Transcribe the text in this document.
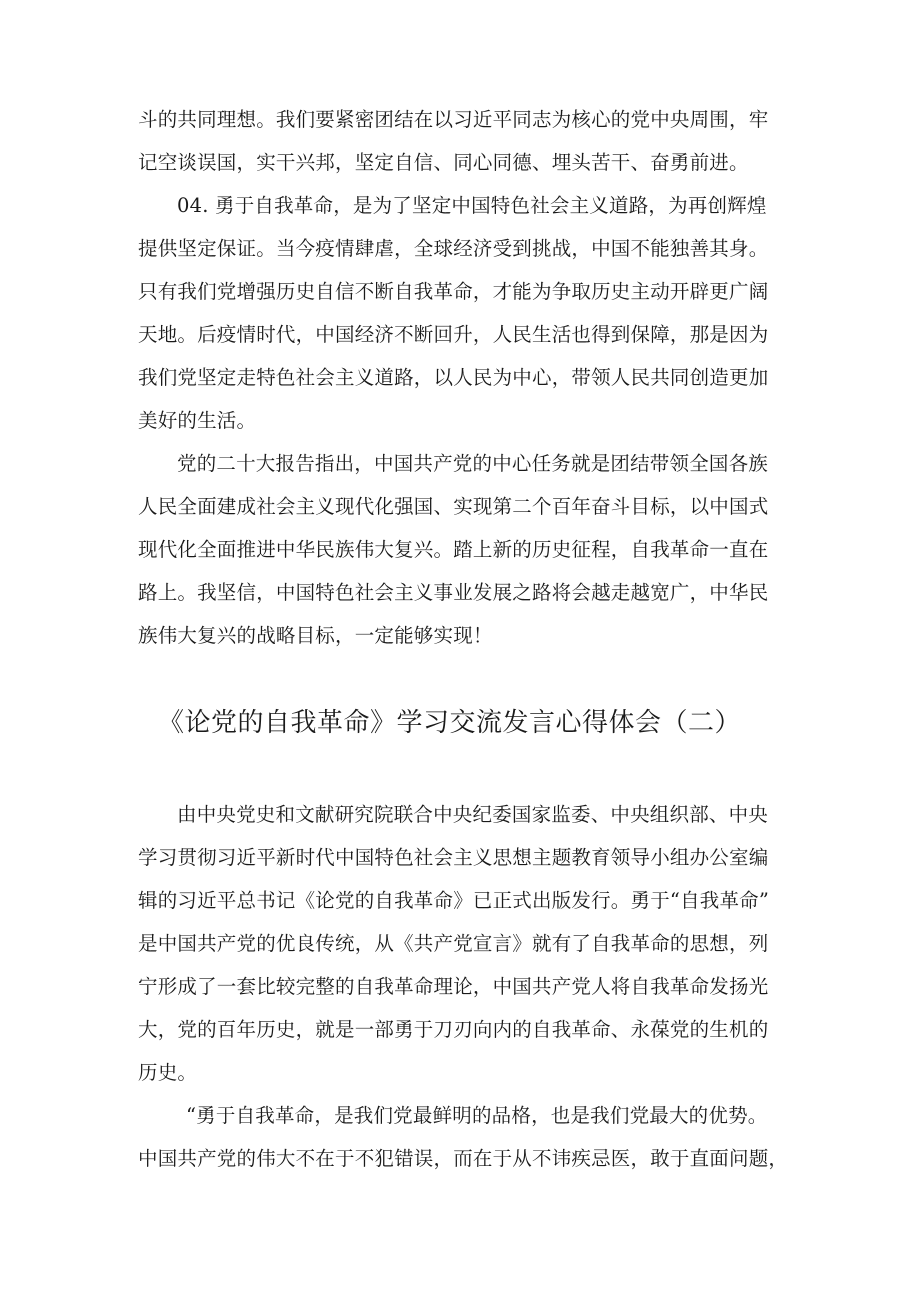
斗的共同理想。我们要紧密团结在以习近平同志为核心的党中央周围，牢
记空谈误国，实干兴邦，坚定自信、同心同德、埋头苦干、奋勇前进。
04. 勇于自我革命，是为了坚定中国特色社会主义道路，为再创辉煌
提供坚定保证。当今疫情肆虐，全球经济受到挑战，中国不能独善其身。
只有我们党增强历史自信不断自我革命，才能为争取历史主动开辟更广阔
天地。后疫情时代，中国经济不断回升，人民生活也得到保障，那是因为
我们党坚定走特色社会主义道路，以人民为中心，带领人民共同创造更加
美好的生活。
党的二十大报告指出，中国共产党的中心任务就是团结带领全国各族
人民全面建成社会主义现代化强国、实现第二个百年奋斗目标，以中国式
现代化全面推进中华民族伟大复兴。踏上新的历史征程，自我革命一直在
路上。我坚信，中国特色社会主义事业发展之路将会越走越宽广，中华民
族伟大复兴的战略目标，一定能够实现！
《论党的自我革命》学习交流发言心得体会（二）
由中央党史和文献研究院联合中央纪委国家监委、中央组织部、中央
学习贯彻习近平新时代中国特色社会主义思想主题教育领导小组办公室编
辑的习近平总书记《论党的自我革命》已正式出版发行。勇于“自我革命”
是中国共产党的优良传统，从《共产党宣言》就有了自我革命的思想，列
宁形成了一套比较完整的自我革命理论，中国共产党人将自我革命发扬光
大，党的百年历史，就是一部勇于刀刃向内的自我革命、永葆党的生机的
历史。
“勇于自我革命，是我们党最鲜明的品格，也是我们党最大的优势。
中国共产党的伟大不在于不犯错误，而在于从不讳疾忌医，敢于直面问题，
